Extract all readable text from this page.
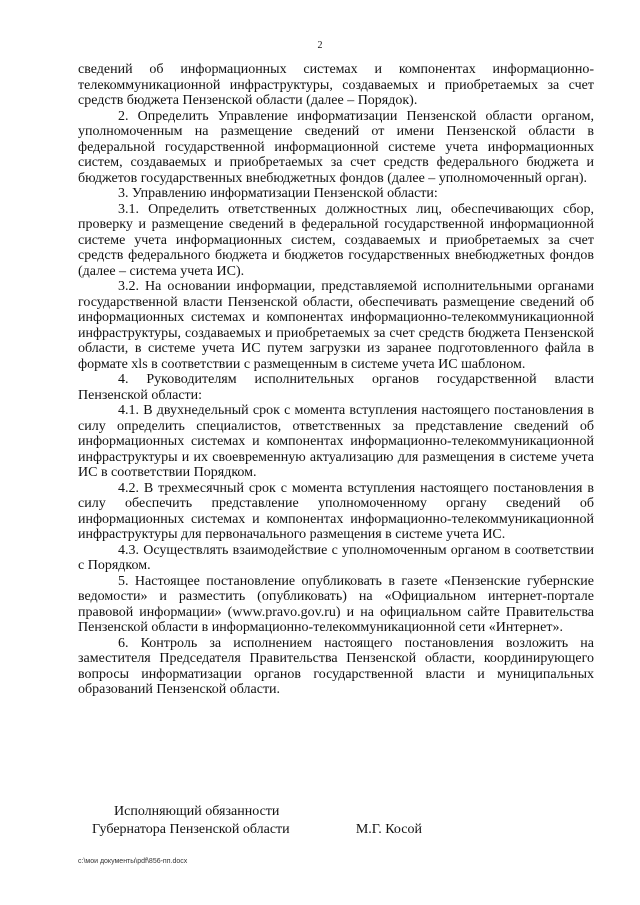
2

сведений об информационных системах и компонентах информационно-телекоммуникационной инфраструктуры, создаваемых и приобретаемых за счет средств бюджета Пензенской области (далее – Порядок).

2. Определить Управление информатизации Пензенской области органом, уполномоченным на размещение сведений от имени Пензенской области в федеральной государственной информационной системе учета информационных систем, создаваемых и приобретаемых за счет средств федерального бюджета и бюджетов государственных внебюджетных фондов (далее – уполномоченный орган).

3. Управлению информатизации Пензенской области:

3.1. Определить ответственных должностных лиц, обеспечивающих сбор, проверку и размещение сведений в федеральной государственной информационной системе учета информационных систем, создаваемых и приобретаемых за счет средств федерального бюджета и бюджетов государственных внебюджетных фондов (далее – система учета ИС).

3.2. На основании информации, представляемой исполнительными органами государственной власти Пензенской области, обеспечивать размещение сведений об информационных системах и компонентах информационно-телекоммуникационной инфраструктуры, создаваемых и приобретаемых за счет средств бюджета Пензенской области, в системе учета ИС путем загрузки из заранее подготовленного файла в формате xls в соответствии с размещенным в системе учета ИС шаблоном.

4. Руководителям исполнительных органов государственной власти Пензенской области:

4.1. В двухнедельный срок с момента вступления настоящего постановления в силу определить специалистов, ответственных за представление сведений об информационных системах и компонентах информационно-телекоммуникационной инфраструктуры и их своевременную актуализацию для размещения в системе учета ИС в соответствии Порядком.

4.2. В трехмесячный срок с момента вступления настоящего постановления в силу обеспечить представление уполномоченному органу сведений об информационных системах и компонентах информационно-телекоммуникационной инфраструктуры для первоначального размещения в системе учета ИС.

4.3. Осуществлять взаимодействие с уполномоченным органом в соответствии с Порядком.

5. Настоящее постановление опубликовать в газете «Пензенские губернские ведомости» и разместить (опубликовать) на «Официальном интернет-портале правовой информации» (www.pravo.gov.ru) и на официальном сайте Правительства Пензенской области в информационно-телекоммуникационной сети «Интернет».

6. Контроль за исполнением настоящего постановления возложить на заместителя Председателя Правительства Пензенской области, координирующего вопросы информатизации органов государственной власти и муниципальных образований Пензенской области.

Исполняющий обязанности
Губернатора Пензенской области	М.Г. Косой
c:\мои документы\pdf\856-пп.docx
